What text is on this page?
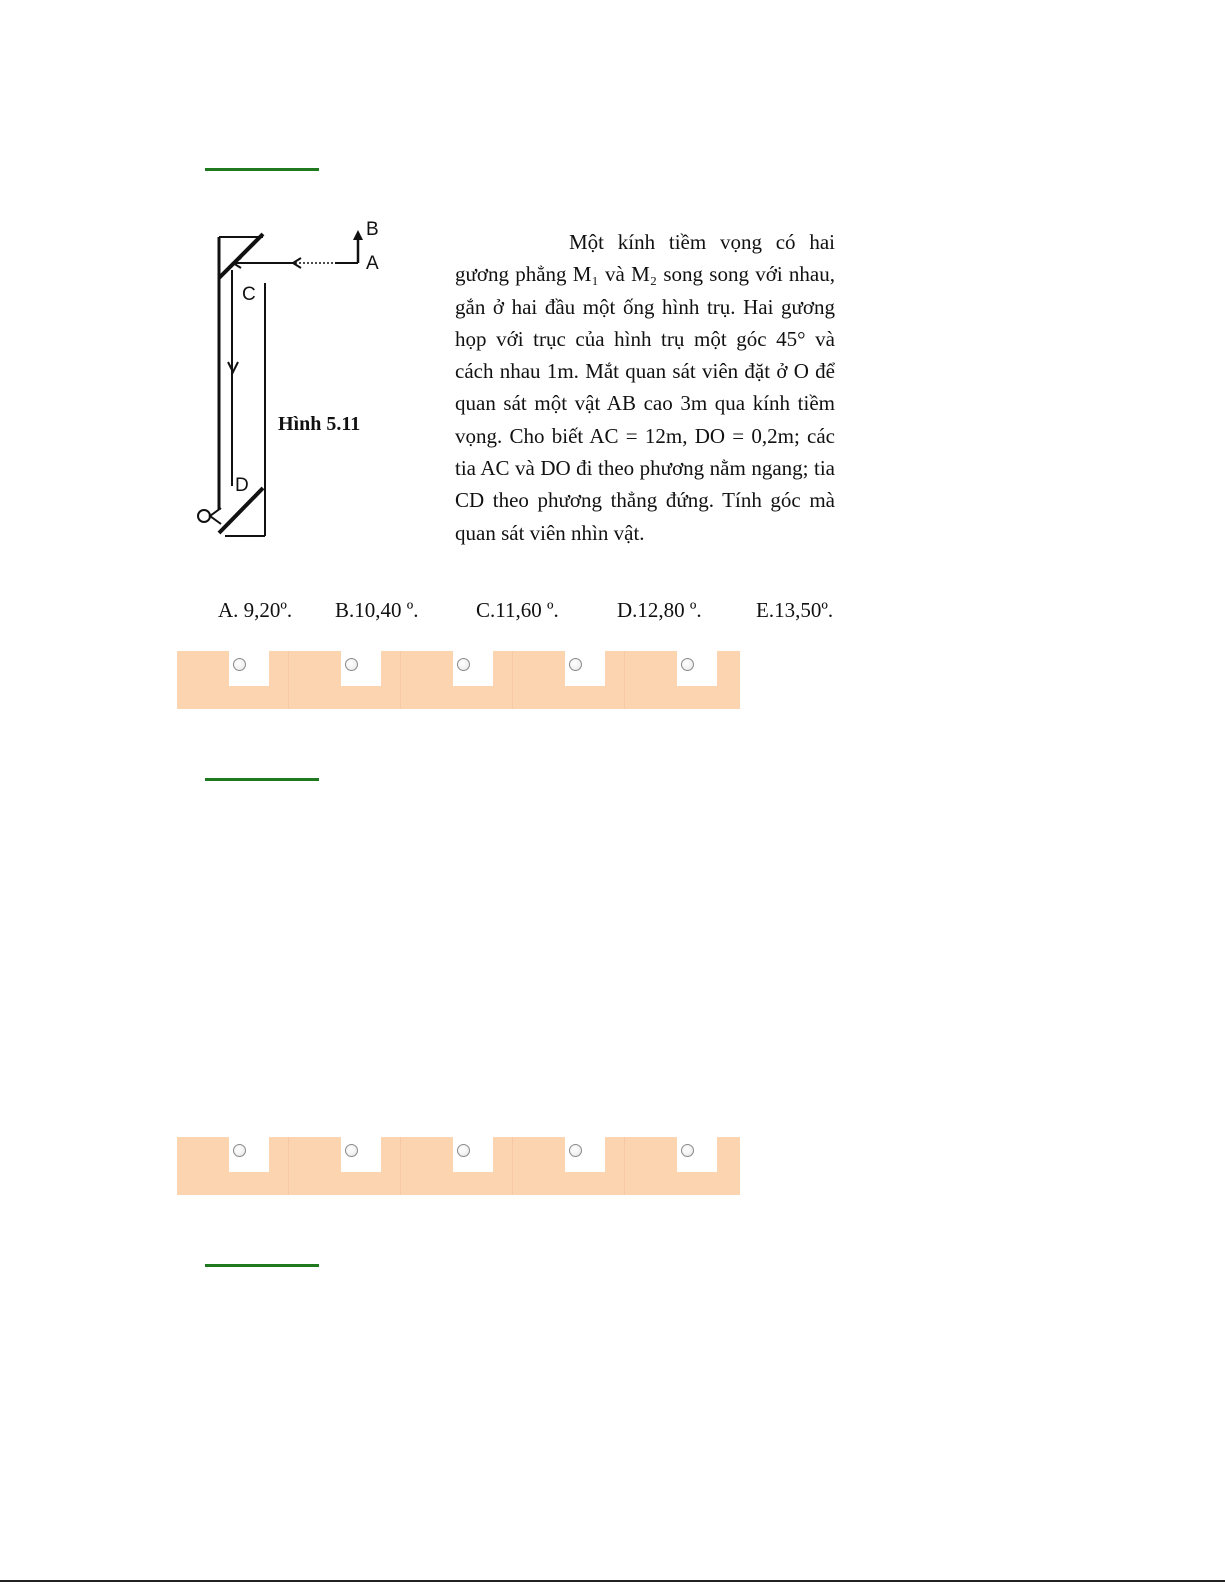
B
A
C
D
Hình 5.11
Một kính tiềm vọng có hai gương phẳng M₁ và M₂ song song với nhau, gắn ở hai đầu một ống hình trụ. Hai gương họp với trục của hình trụ một góc 45° và cách nhau 1m. Mắt quan sát viên đặt ở O để quan sát một vật AB cao 3m qua kính tiềm vọng. Cho biết AC = 12m, DO = 0,2m; các tia AC và DO đi theo phương nằm ngang; tia CD theo phương thẳng đứng. Tính góc mà quan sát viên nhìn vật.
A. 9,20º. B.10,40 º.	C.11,60 º.	D.12,80 º.	E.13,50º.
